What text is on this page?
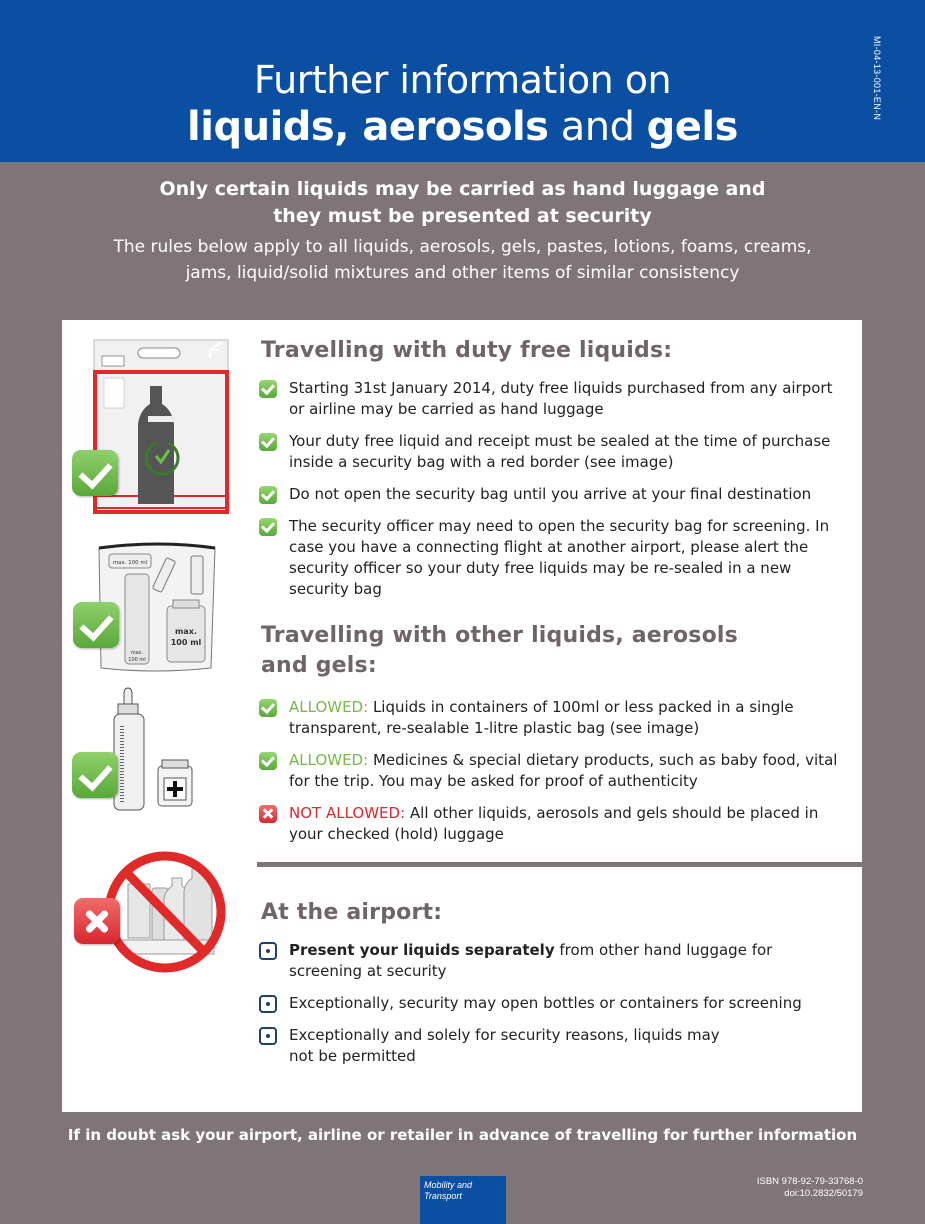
Further information on
liquids, aerosols and gels
MI-04-13-001-EN-N
Only certain liquids may be carried as hand luggage and
they must be presented at security
The rules below apply to all liquids, aerosols, gels, pastes, lotions, foams, creams,
jams, liquid/solid mixtures and other items of similar consistency
max. 100 ml
max.
100 ml
max.
100 ml
Travelling with duty free liquids:
Starting 31st January 2014, duty free liquids purchased from any airport or airline may be carried as hand luggage
Your duty free liquid and receipt must be sealed at the time of purchase inside a security bag with a red border (see image)
Do not open the security bag until you arrive at your final destination
The security officer may need to open the security bag for screening. In case you have a connecting flight at another airport, please alert the security officer so your duty free liquids may be re-sealed in a new security bag
Travelling with other liquids, aerosols
and gels:
ALLOWED: Liquids in containers of 100ml or less packed in a single transparent, re-sealable 1-litre plastic bag (see image)
ALLOWED: Medicines & special dietary products, such as baby food, vital for the trip. You may be asked for proof of authenticity
NOT ALLOWED: All other liquids, aerosols and gels should be placed in your checked (hold) luggage
At the airport:
Present your liquids separately from other hand luggage for screening at security
Exceptionally, security may open bottles or containers for screening
Exceptionally and solely for security reasons, liquids may not be permitted
If in doubt ask your airport, airline or retailer in advance of travelling for further information
Mobility and
Transport
ISBN 978-92-79-33768-0
doi:10.2832/50179
